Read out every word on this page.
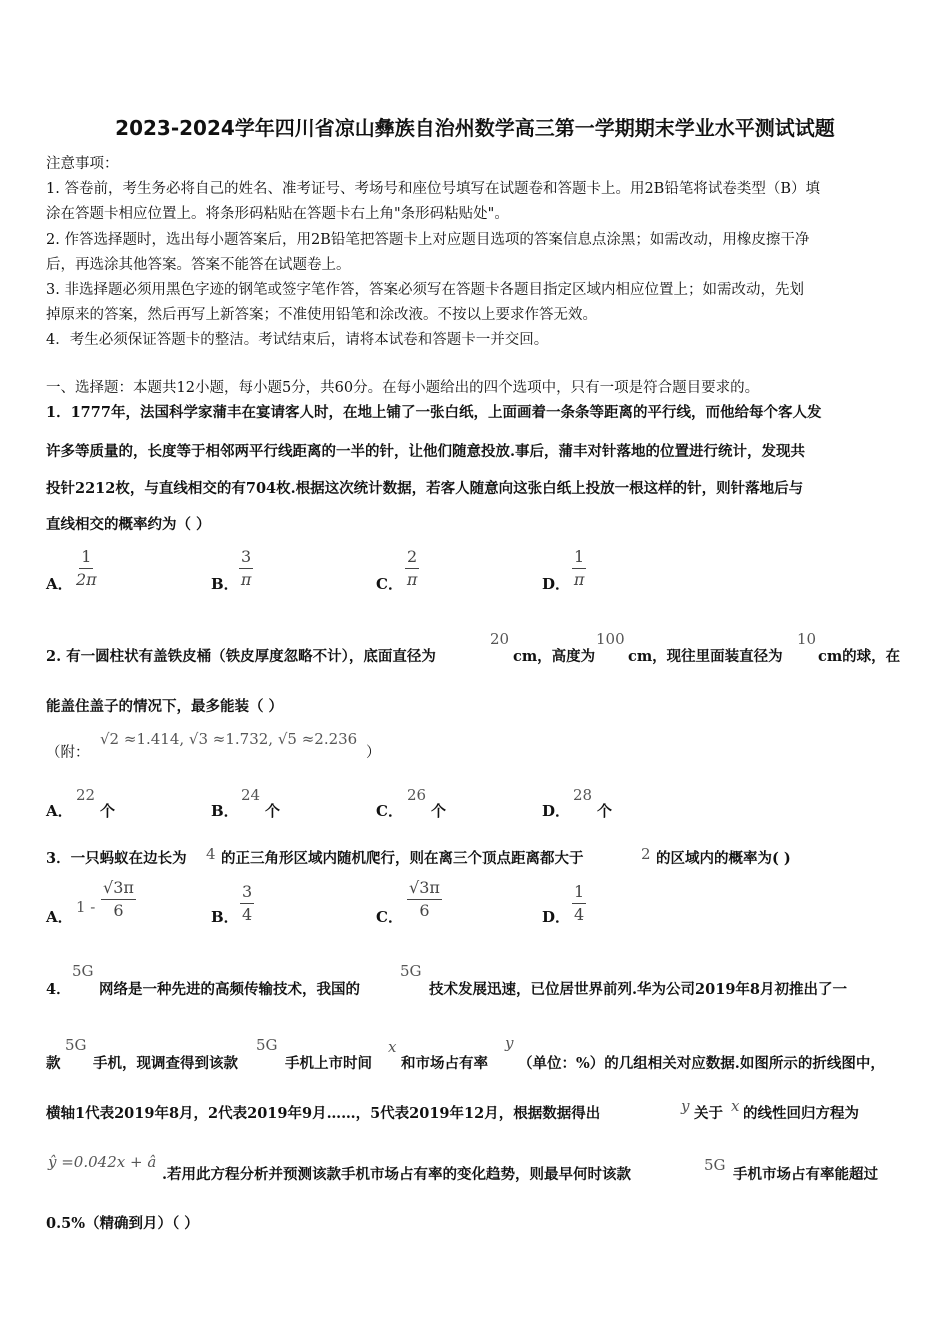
2023-2024学年四川省凉山彝族自治州数学高三第一学期期末学业水平测试试题
注意事项：
1. 答卷前，考生务必将自己的姓名、准考证号、考场号和座位号填写在试题卷和答题卡上。用2B铅笔将试卷类型（B）填
涂在答题卡相应位置上。将条形码粘贴在答题卡右上角"条形码粘贴处"。
2. 作答选择题时，选出每小题答案后，用2B铅笔把答题卡上对应题目选项的答案信息点涂黑；如需改动，用橡皮擦干净
后，再选涂其他答案。答案不能答在试题卷上。
3. 非选择题必须用黑色字迹的钢笔或签字笔作答，答案必须写在答题卡各题目指定区域内相应位置上；如需改动，先划
掉原来的答案，然后再写上新答案；不准使用铅笔和涂改液。不按以上要求作答无效。
4．考生必须保证答题卡的整洁。考试结束后，请将本试卷和答题卡一并交回。
一、选择题：本题共12小题，每小题5分，共60分。在每小题给出的四个选项中，只有一项是符合题目要求的。
1．1777年，法国科学家蒲丰在宴请客人时，在地上铺了一张白纸，上面画着一条条等距离的平行线，而他给每个客人发
许多等质量的，长度等于相邻两平行线距离的一半的针，让他们随意投放.事后，蒲丰对针落地的位置进行统计，发现共
投针2212枚，与直线相交的有704枚.根据这次统计数据，若客人随意向这张白纸上投放一根这样的针，则针落地后与
直线相交的概率约为（ ）
A． $\frac{1}{2\pi}$	B． $\frac{3}{\pi}$	C． $\frac{2}{\pi}$	D． $\frac{1}{\pi}$
2. 有一圆柱状有盖铁皮桶（铁皮厚度忽略不计），底面直径为
20
cm，高度为
100
cm，现往里面装直径为
10
cm的球，在
能盖住盖子的情况下，最多能装（ ）
（附：
√2 ≈1.414, √3 ≈1.732, √5 ≈2.236
）
A．
22
个	B．
24
个	C．
26
个	D．
28
个
3．一只蚂蚁在边长为 4 的正三角形区域内随机爬行，则在离三个顶点距离都大于	2 的区域内的概率为( )
A．
$1 - \frac{√3\pi}{6}$	B． $\frac{3}{4}$	C． $\frac{√3\pi}{6}$	D． $\frac{1}{4}$
4．
5G
网络是一种先进的高频传输技术，我国的
5G
技术发展迅速，已位居世界前列.华为公司2019年8月初推出了一
款
5G
手机，现调查得到该款
5G
手机上市时间
x
和市场占有率
y
（单位：%）的几组相关对应数据.如图所示的折线图中，
横轴1代表2019年8月，2代表2019年9月……，5代表2019年12月，根据数据得出	y 关于 x 的线性回归方程为
ŷ =0.042x + â
.若用此方程分析并预测该款手机市场占有率的变化趋势，则最早何时该款
5G
手机市场占有率能超过
0.5%（精确到月）（ ）
